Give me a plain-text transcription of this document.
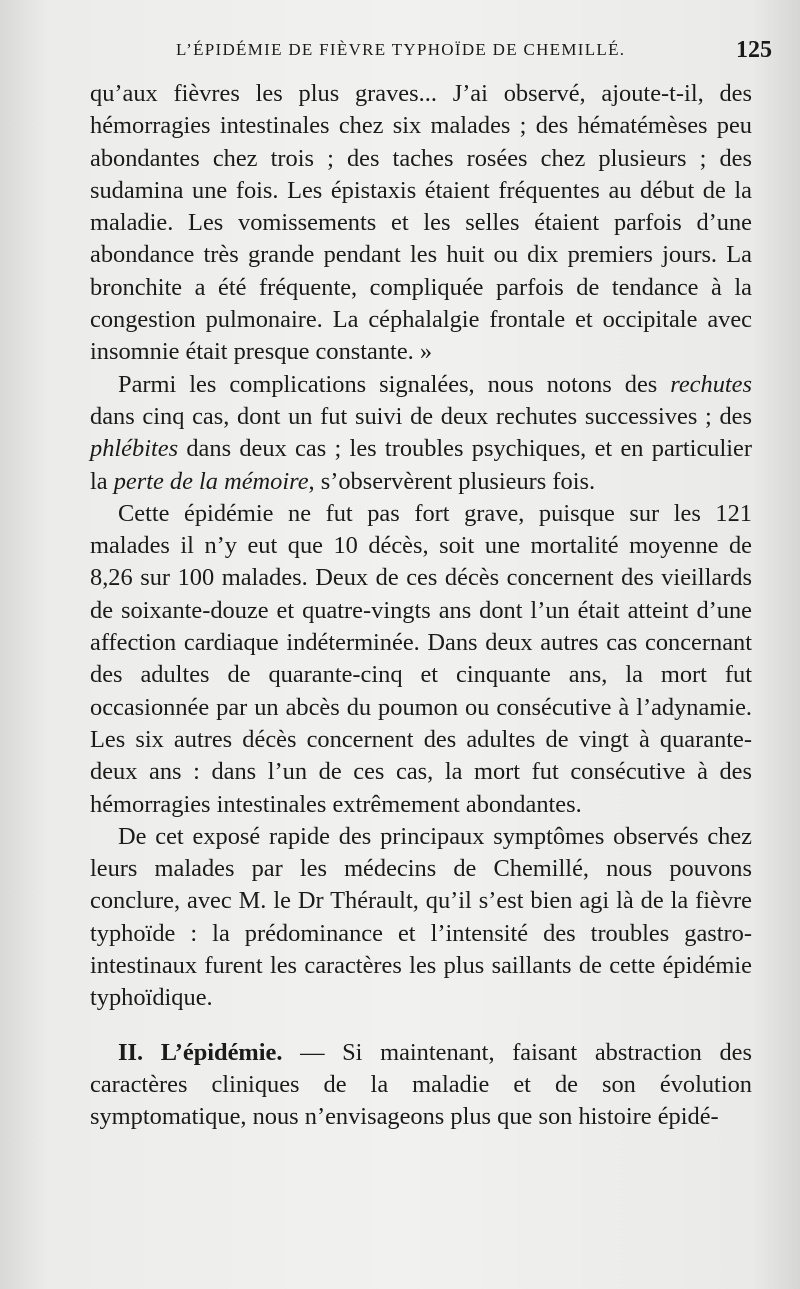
L’ÉPIDÉMIE DE FIÈVRE TYPHOÏDE DE CHEMILLÉ.	125

qu’aux fièvres les plus graves... J’ai observé, ajoute-t-il, des hémorragies intestinales chez six malades ; des hématémèses peu abondantes chez trois ; des taches rosées chez plusieurs ; des sudamina une fois. Les épistaxis étaient fréquentes au début de la maladie. Les vomissements et les selles étaient parfois d’une abondance très grande pendant les huit ou dix premiers jours. La bronchite a été fréquente, compliquée parfois de tendance à la congestion pulmonaire. La céphalalgie frontale et occipitale avec insomnie était presque constante. »

Parmi les complications signalées, nous notons des rechutes dans cinq cas, dont un fut suivi de deux rechutes successives ; des phlébites dans deux cas ; les troubles psychiques, et en particulier la perte de la mémoire, s’observèrent plusieurs fois.

Cette épidémie ne fut pas fort grave, puisque sur les 121 malades il n’y eut que 10 décès, soit une mortalité moyenne de 8,26 sur 100 malades. Deux de ces décès concernent des vieillards de soixante-douze et quatre-vingts ans dont l’un était atteint d’une affection cardiaque indéterminée. Dans deux autres cas concernant des adultes de quarante-cinq et cinquante ans, la mort fut occasionnée par un abcès du poumon ou consécutive à l’adynamie. Les six autres décès concernent des adultes de vingt à quarante-deux ans : dans l’un de ces cas, la mort fut consécutive à des hémorragies intestinales extrêmement abondantes.

De cet exposé rapide des principaux symptômes observés chez leurs malades par les médecins de Chemillé, nous pouvons conclure, avec M. le Dr Thérault, qu’il s’est bien agi là de la fièvre typhoïde : la prédominance et l’intensité des troubles gastro-intestinaux furent les caractères les plus saillants de cette épidémie typhoïdique.

II. L’épidémie. — Si maintenant, faisant abstraction des caractères cliniques de la maladie et de son évolution symptomatique, nous n’envisageons plus que son histoire épidé-
